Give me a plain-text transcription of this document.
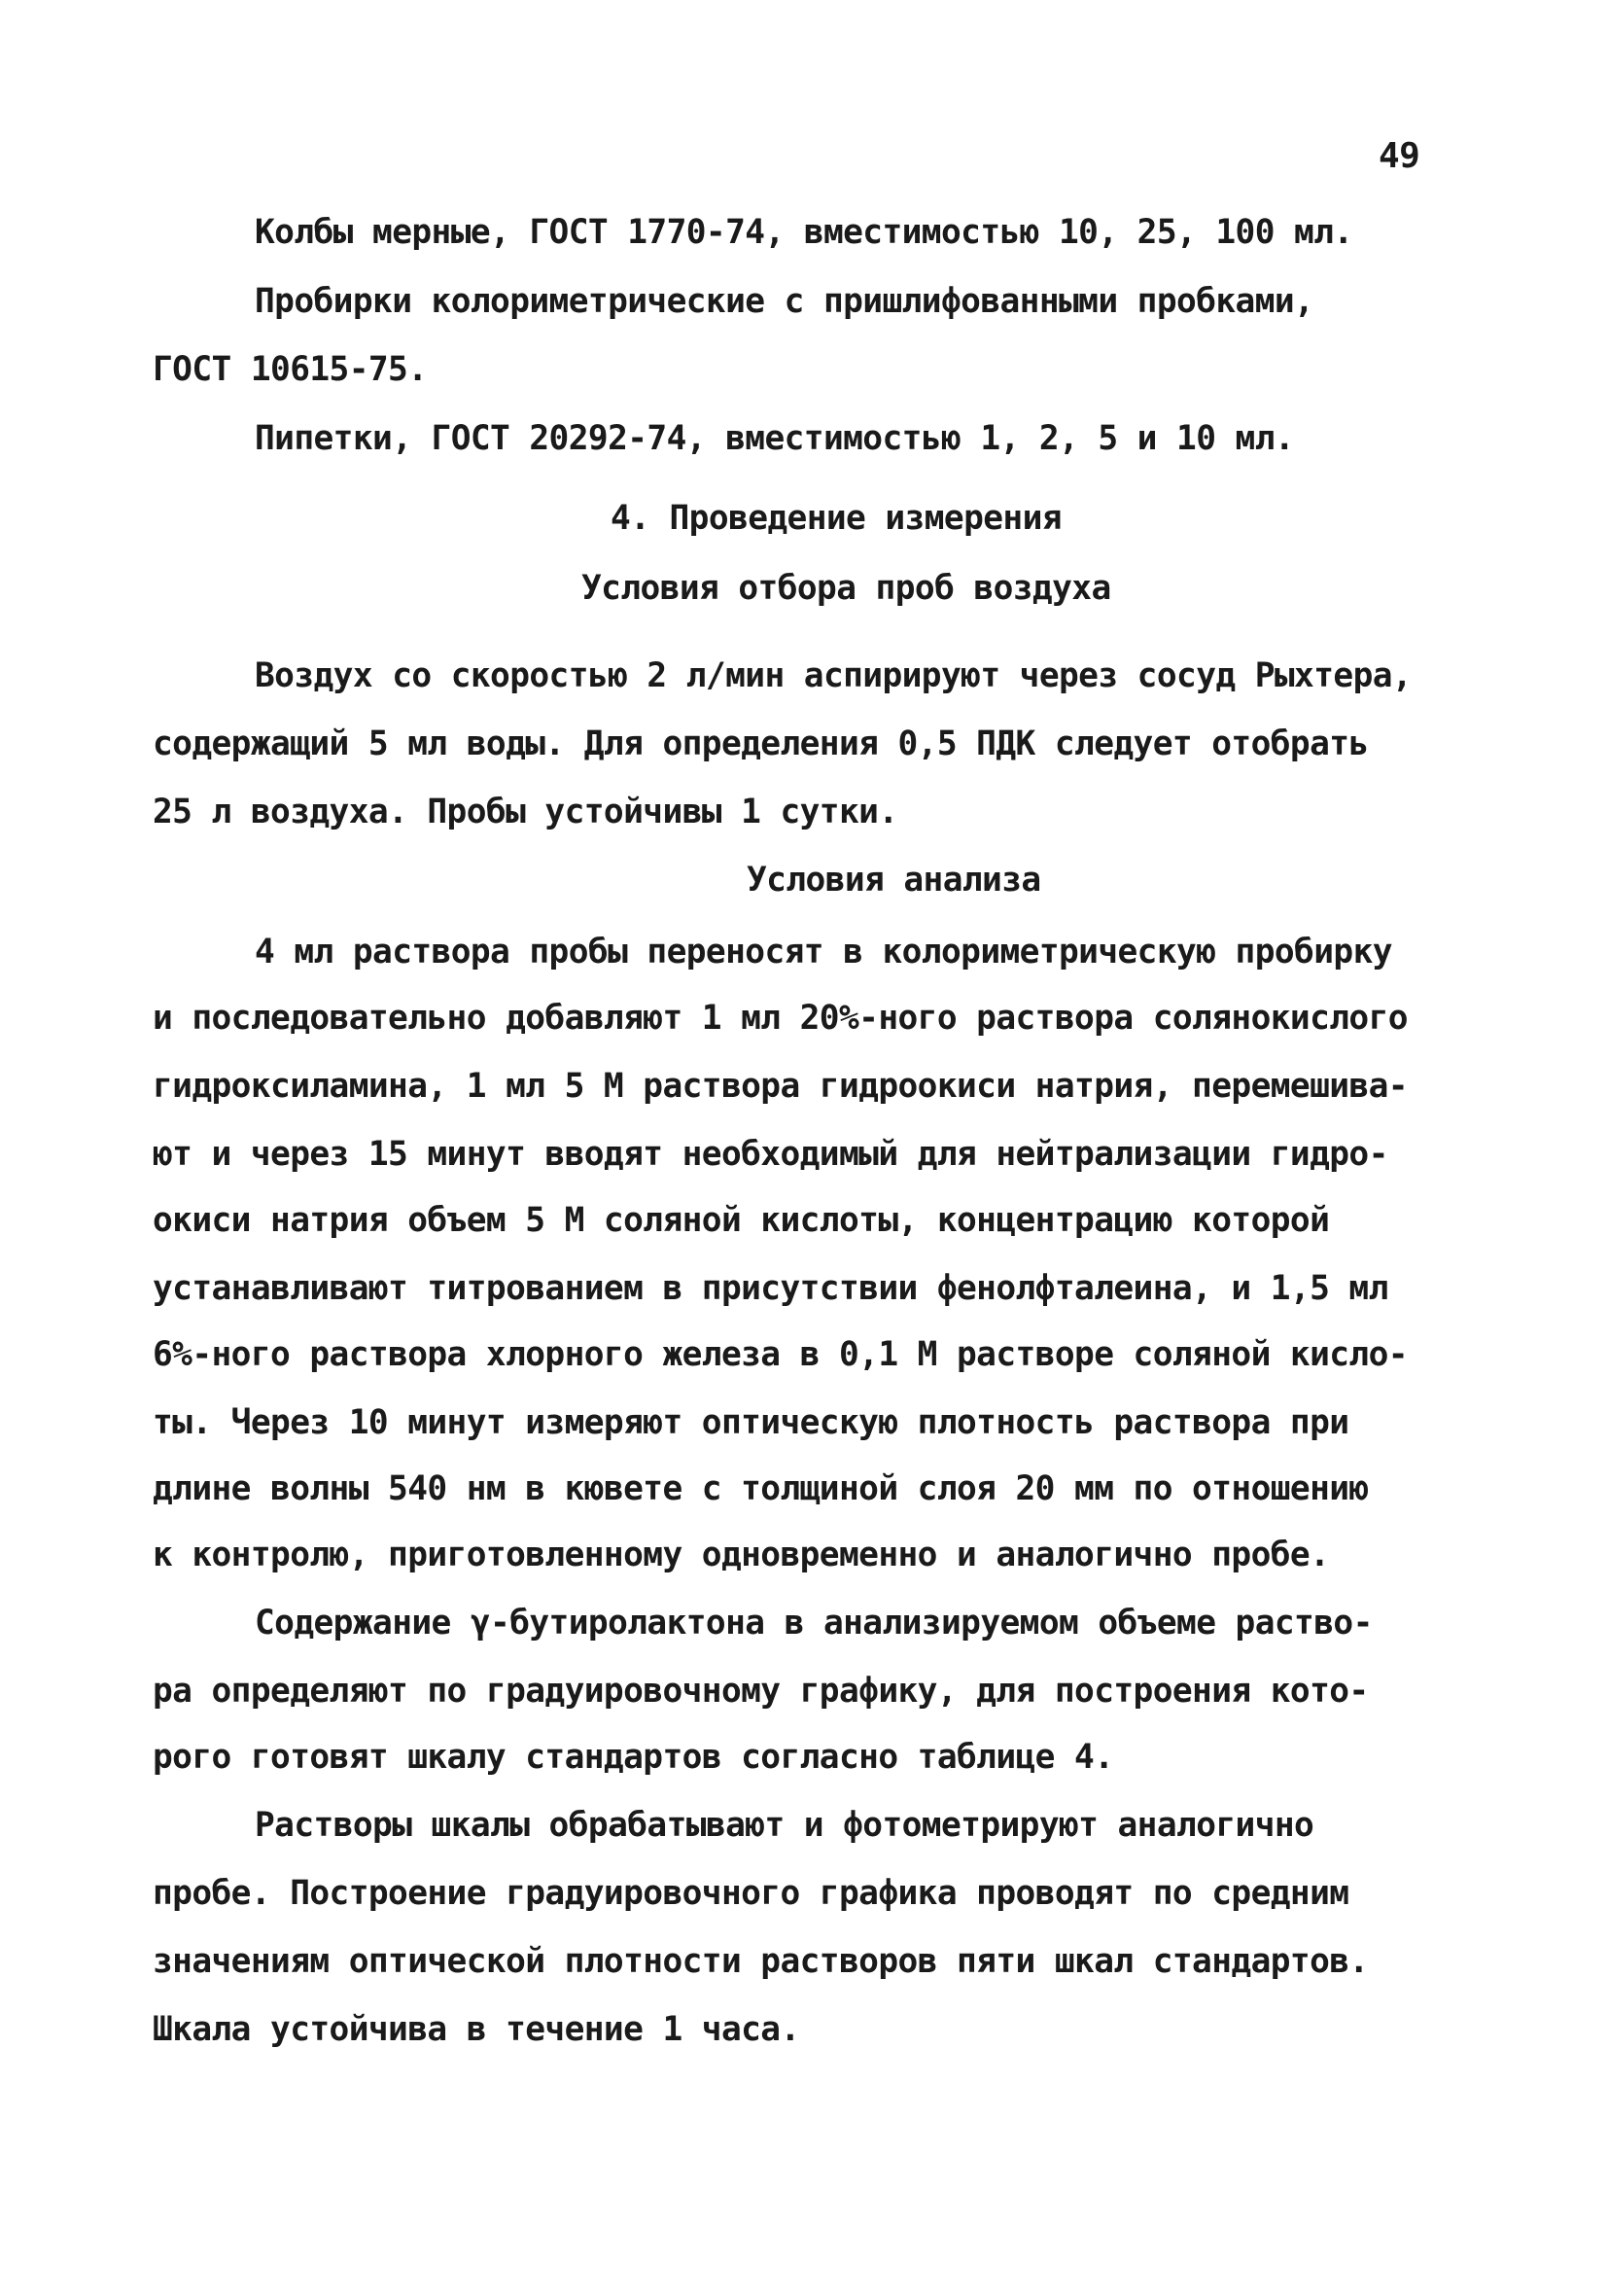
49
Колбы мерные, ГОСТ 1770-74, вместимостью 10, 25, 100 мл.
Пробирки колориметрические с пришлифованными пробками,
ГОСТ 10615-75.
Пипетки, ГОСТ 20292-74, вместимостью 1, 2, 5 и 10 мл.
4. Проведение измерения
Условия отбора проб воздуха
Воздух со скоростью 2 л/мин аспирируют через сосуд Рыхтера,
содержащий 5 мл воды. Для определения 0,5 ПДК следует отобрать
25 л воздуха. Пробы устойчивы 1 сутки.
Условия анализа
4 мл раствора пробы переносят в колориметрическую пробирку
и последовательно добавляют 1 мл 20%-ного раствора солянокислого
гидроксиламина, 1 мл 5 М раствора гидроокиси натрия, перемешива-
ют и через 15 минут вводят необходимый для нейтрализации гидро-
окиси натрия объем 5 М соляной кислоты, концентрацию которой
устанавливают титрованием в присутствии фенолфталеина, и 1,5 мл
6%-ного раствора хлорного железа в 0,1 М растворе соляной кисло-
ты. Через 10 минут измеряют оптическую плотность раствора при
длине волны 540 нм в кювете с толщиной слоя 20 мм по отношению
к контролю, приготовленному одновременно и аналогично пробе.
Содержание γ-бутиролактона в анализируемом объеме раство-
ра определяют по градуировочному графику, для построения кото-
рого готовят шкалу стандартов согласно таблице 4.
Растворы шкалы обрабатывают и фотометрируют аналогично
пробе. Построение градуировочного графика проводят по средним
значениям оптической плотности растворов пяти шкал стандартов.
Шкала устойчива в течение 1 часа.
